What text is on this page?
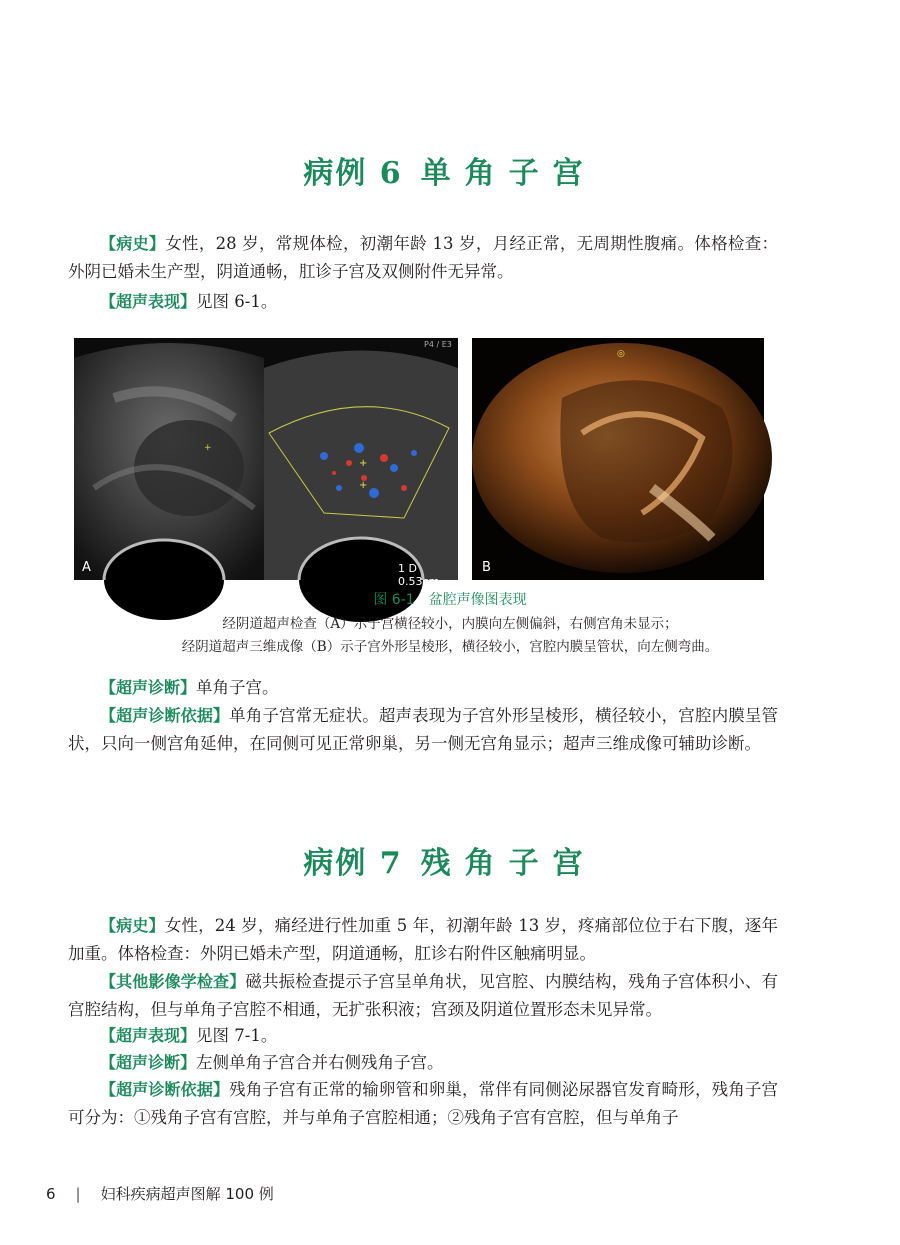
病例 6 单角子宫

【病史】女性，28 岁，常规体检，初潮年龄 13 岁，月经正常，无周期性腹痛。体格检查：外阴已婚未生产型，阴道通畅，肛诊子宫及双侧附件无异常。

【超声表现】见图 6-1。

+
A
+
+
P4 / E3
1 D 0.53cm
◎
B

图 6-1　盆腔声像图表现

经阴道超声检查（A）示子宫横径较小，内膜向左侧偏斜，右侧宫角未显示；

经阴道超声三维成像（B）示子宫外形呈棱形，横径较小，宫腔内膜呈管状，向左侧弯曲。

【超声诊断】单角子宫。

【超声诊断依据】单角子宫常无症状。超声表现为子宫外形呈棱形，横径较小，宫腔内膜呈管状，只向一侧宫角延伸，在同侧可见正常卵巢，另一侧无宫角显示；超声三维成像可辅助诊断。

病例 7 残角子宫

【病史】女性，24 岁，痛经进行性加重 5 年，初潮年龄 13 岁，疼痛部位位于右下腹，逐年加重。体格检查：外阴已婚未产型，阴道通畅，肛诊右附件区触痛明显。

【其他影像学检查】磁共振检查提示子宫呈单角状，见宫腔、内膜结构，残角子宫体积小、有宫腔结构，但与单角子宫腔不相通，无扩张积液；宫颈及阴道位置形态未见异常。

【超声表现】见图 7-1。

【超声诊断】左侧单角子宫合并右侧残角子宫。

【超声诊断依据】残角子宫有正常的输卵管和卵巢，常伴有同侧泌尿器官发育畸形，残角子宫可分为：①残角子宫有宫腔，并与单角子宫腔相通；②残角子宫有宫腔，但与单角子

6 | 妇科疾病超声图解 100 例
